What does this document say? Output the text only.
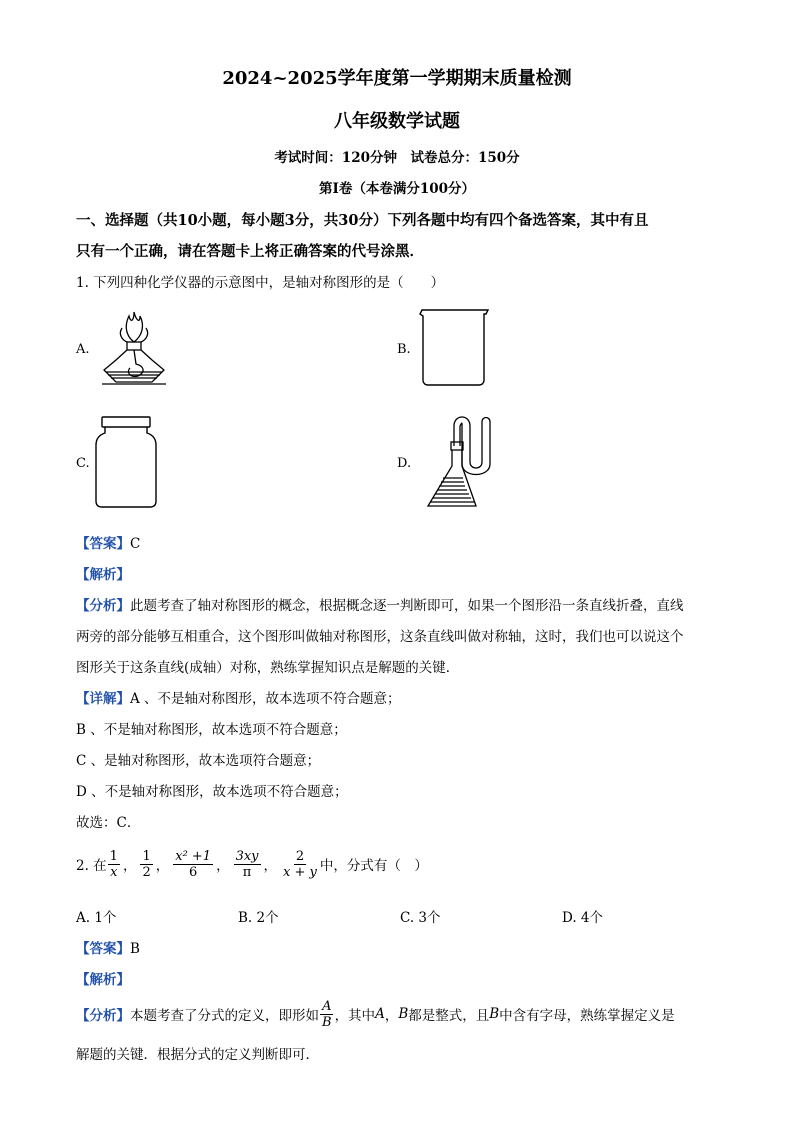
2024~2025学年度第一学期期末质量检测
八年级数学试题
考试时间：120分钟　试卷总分：150分
第Ⅰ卷（本卷满分100分）
一、选择题（共10小题，每小题3分，共30分）下列各题中均有四个备选答案，其中有且
只有一个正确，请在答题卡上将正确答案的代号涂黑．
1. 下列四种化学仪器的示意图中，是轴对称图形的是（　　）
A.	B.
C.	D.
【答案】C
【解析】
【分析】此题考查了轴对称图形的概念，根据概念逐一判断即可，如果一个图形沿一条直线折叠，直线
两旁的部分能够互相重合，这个图形叫做轴对称图形，这条直线叫做对称轴，这时，我们也可以说这个
图形关于这条直线(成轴）对称，熟练掌握知识点是解题的关键．
【详解】A 、不是轴对称图形，故本选项不符合题意；
B 、不是轴对称图形，故本选项不符合题意；
C 、是轴对称图形，故本选项符合题意；
D 、不是轴对称图形，故本选项不符合题意；
故选：C．
2. 在 $\frac{1}{x}$ ， $\frac{1}{2}$ ， $\frac{\text{x² +1}}{6}$ ， $\frac{3xy}{\pi}$ ， $\frac{2}{x + y}$ 中，分式有（　）
A. 1个	B. 2个	C. 3个	D. 4个
【答案】B
【解析】
【分析】 本题考查了分式的定义，即形如 $\frac{A}{B}$ ，其中 A ， B 都是整式，且 B 中含有字母，熟练掌握定义是
解题的关键．根据分式的定义判断即可．
